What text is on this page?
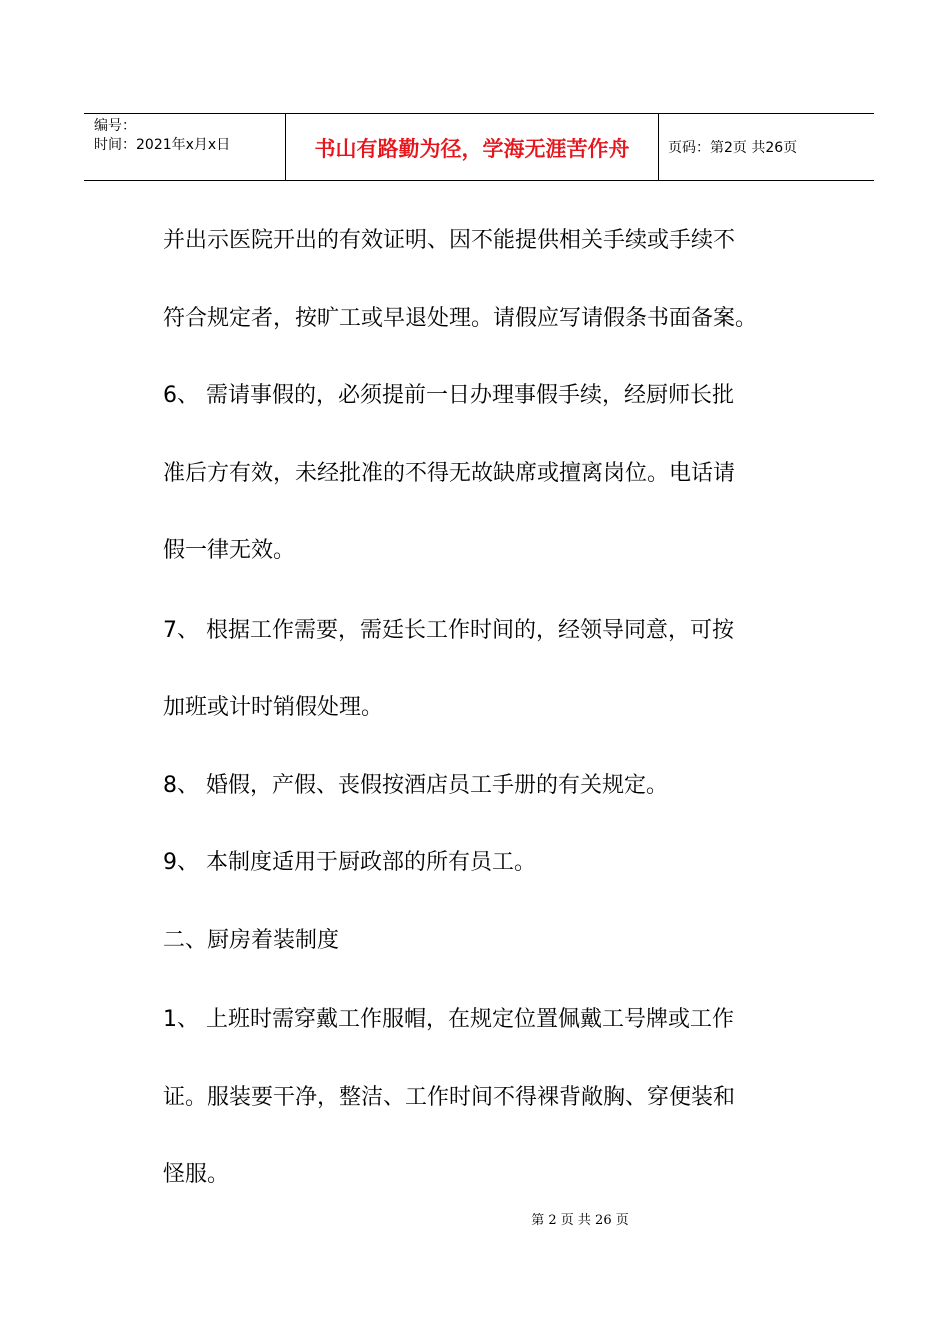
编号：
时间：2021年x月x日	书山有路勤为径，学海无涯苦作舟	页码：第2页 共26页
并出示医院开出的有效证明、因不能提供相关手续或手续不
符合规定者，按旷工或早退处理。请假应写请假条书面备案。
6、 需请事假的，必须提前一日办理事假手续，经厨师长批
准后方有效，未经批准的不得无故缺席或擅离岗位。电话请
假一律无效。
7、 根据工作需要，需廷长工作时间的，经领导同意，可按
加班或计时销假处理。
8、 婚假，产假、丧假按酒店员工手册的有关规定。
9、 本制度适用于厨政部的所有员工。
二、厨房着装制度
1、 上班时需穿戴工作服帽，在规定位置佩戴工号牌或工作
证。服装要干净，整洁、工作时间不得裸背敞胸、穿便装和
怪服。
第 2 页 共 26 页
